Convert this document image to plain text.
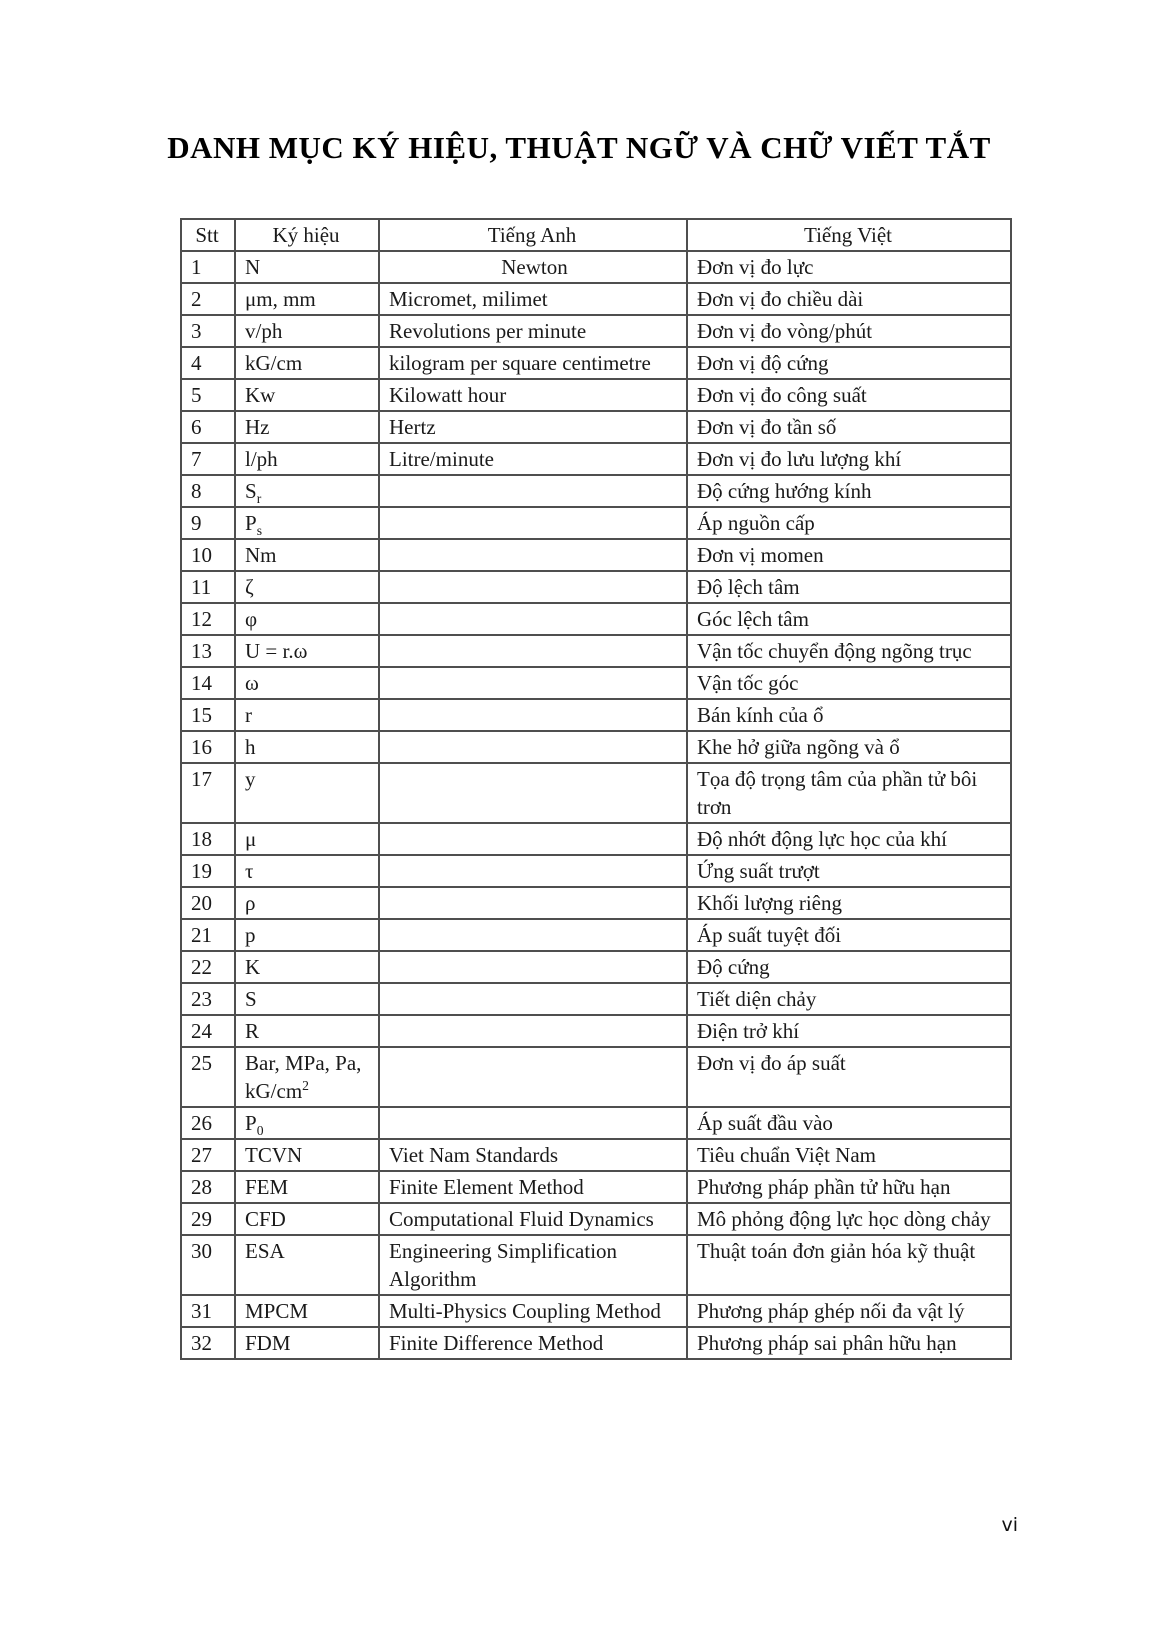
DANH MỤC KÝ HIỆU, THUẬT NGỮ VÀ CHỮ VIẾT TẮT
Stt	Ký hiệu	Tiếng Anh	Tiếng Việt
1	N	Newton	Đơn vị đo lực
2	μm, mm	Micromet, milimet	Đơn vị đo chiều dài
3	v/ph	Revolutions per minute	Đơn vị đo vòng/phút
4	kG/cm	kilogram per square centimetre	Đơn vị độ cứng
5	Kw	Kilowatt hour	Đơn vị đo công suất
6	Hz	Hertz	Đơn vị đo tần số
7	l/ph	Litre/minute	Đơn vị đo lưu lượng khí
8	$S_r$		Độ cứng hướng kính
9	$P_s$		Áp nguồn cấp
10	Nm		Đơn vị momen
11	ζ		Độ lệch tâm
12	φ		Góc lệch tâm
13	U = r.ω		Vận tốc chuyển động ngõng trục
14	ω		Vận tốc góc
15	r		Bán kính của ổ
16	h		Khe hở giữa ngõng và ổ
17	y		Tọa độ trọng tâm của phần tử bôi trơn
18	μ		Độ nhớt động lực học của khí
19	τ		Ứng suất trượt
20	ρ		Khối lượng riêng
21	p		Áp suất tuyệt đối
22	K		Độ cứng
23	S		Tiết diện chảy
24	R		Điện trở khí
25	Bar, MPa, Pa, $kG/cm^2$		Đơn vị đo áp suất
26	$P_0$		Áp suất đầu vào
27	TCVN	Viet Nam Standards	Tiêu chuẩn Việt Nam
28	FEM	Finite Element Method	Phương pháp phần tử hữu hạn
29	CFD	Computational Fluid Dynamics	Mô phỏng động lực học dòng chảy
30	ESA	Engineering Simplification Algorithm	Thuật toán đơn giản hóa kỹ thuật
31	MPCM	Multi-Physics Coupling Method	Phương pháp ghép nối đa vật lý
32	FDM	Finite Difference Method	Phương pháp sai phân hữu hạn
vi
